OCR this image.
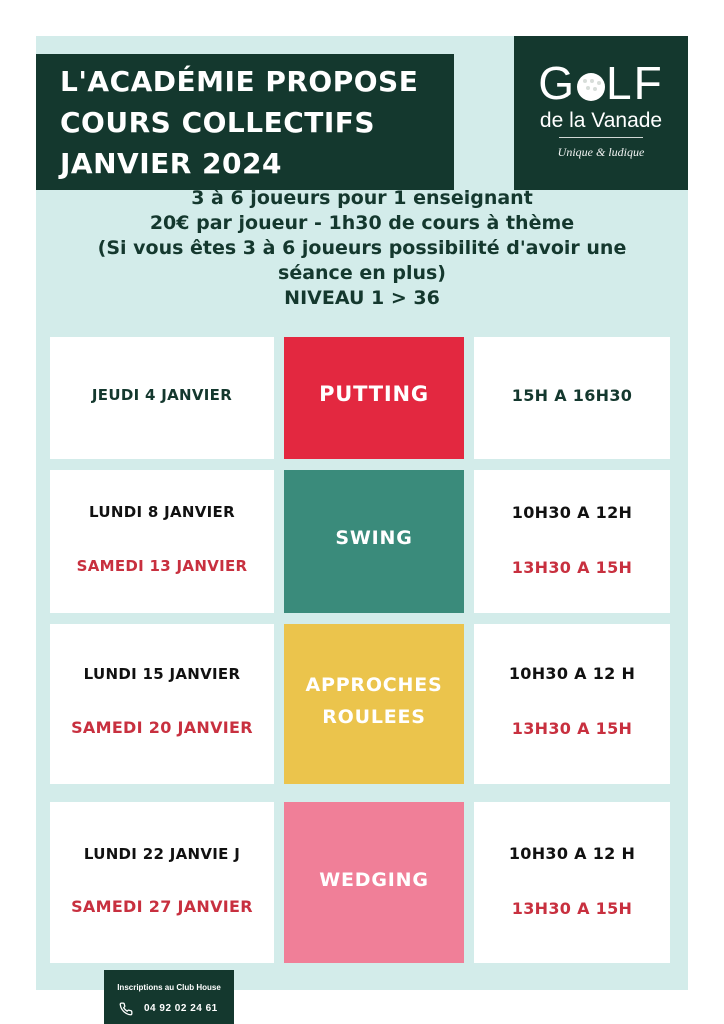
L'ACADÉMIE PROPOSE
COURS COLLECTIFS
JANVIER 2024
G LF
de la Vanade
Unique & ludique
3 à 6 joueurs pour 1 enseignant
20€ par joueur - 1h30 de cours à thème
(Si vous êtes 3 à 6 joueurs possibilité d'avoir une
séance en plus)
NIVEAU 1 > 36
JEUDI 4 JANVIER	PUTTING	15H A 16H30
LUNDI 8 JANVIER
SAMEDI 13 JANVIER
SWING
10H30 A 12H
13H30 A 15H
LUNDI 15 JANVIER
SAMEDI 20 JANVIER
APPROCHES
ROULEES
10H30 A 12 H
13H30 A 15H
LUNDI 22 JANVIE J
SAMEDI 27 JANVIER
WEDGING
10H30 A 12 H
13H30 A 15H
Inscriptions au Club House
04 92 02 24 61
